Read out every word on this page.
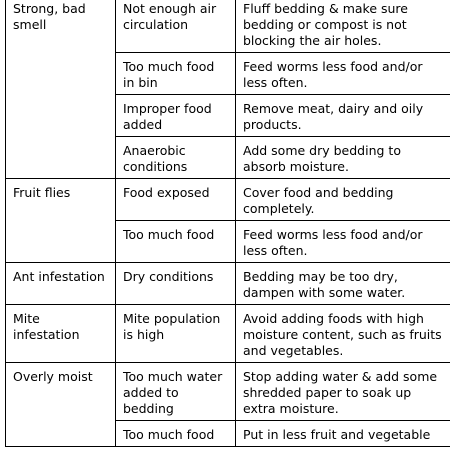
Strong, bad smell	Not enough air circulation	Fluff bedding & make sure bedding or compost is not blocking the air holes.
	Too much food in bin	Feed worms less food and/or less often.
	Improper food added	Remove meat, dairy and oily products.
	Anaerobic conditions	Add some dry bedding to absorb moisture.
Fruit flies	Food exposed	Cover food and bedding completely.
	Too much food	Feed worms less food and/or less often.
Ant infestation	Dry conditions	Bedding may be too dry, dampen with some water.
Mite infestation	Mite population is high	Avoid adding foods with high moisture content, such as fruits and vegetables.
Overly moist	Too much water added to bedding	Stop adding water & add some shredded paper to soak up extra moisture.
	Too much food	Put in less fruit and vegetable
